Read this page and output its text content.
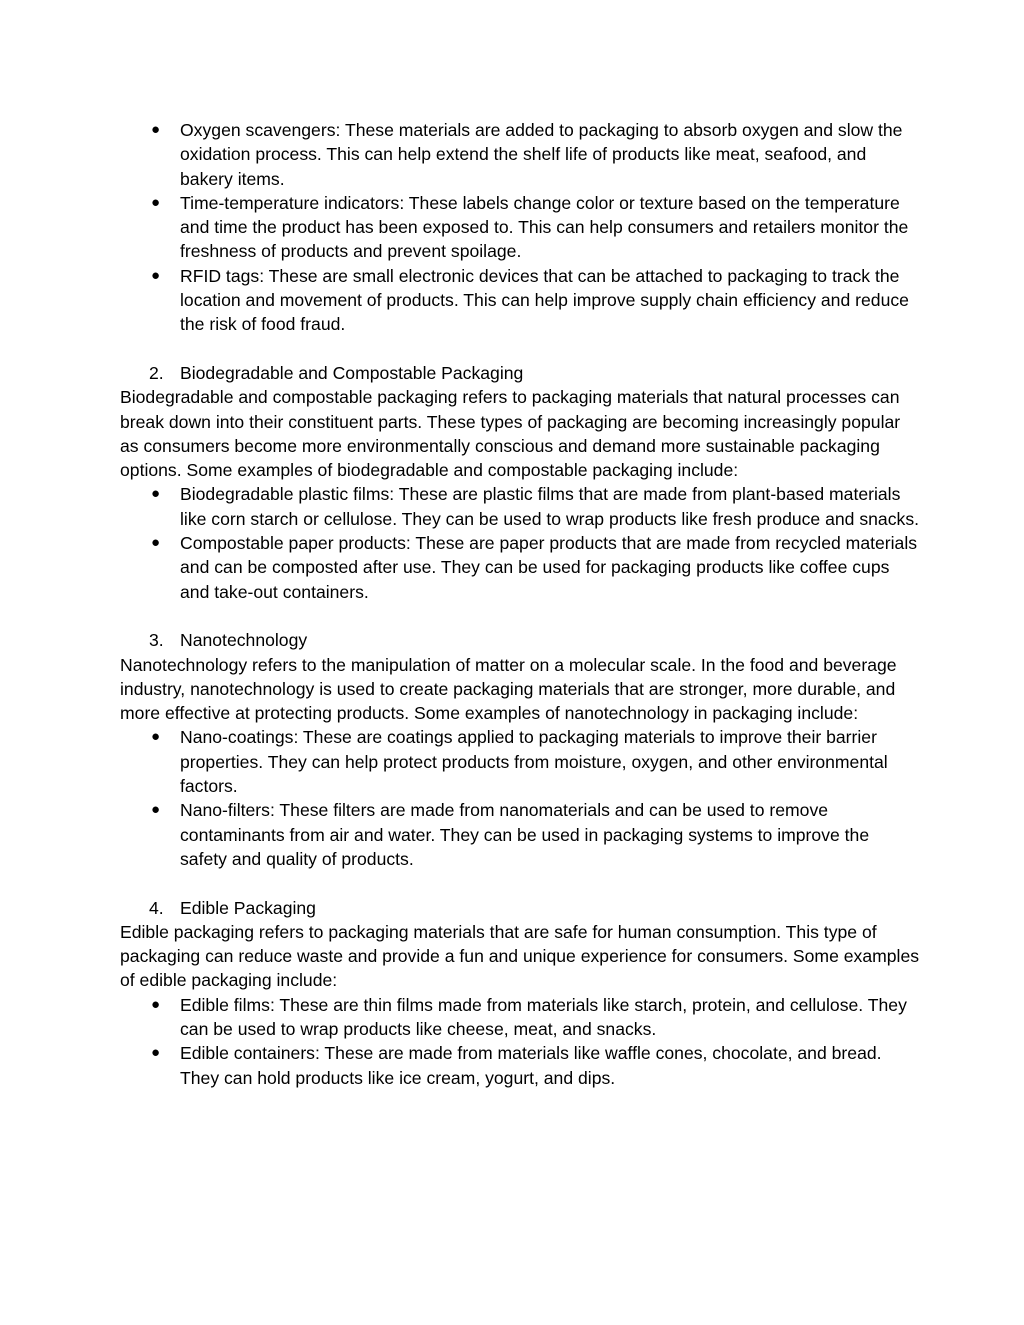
● Oxygen scavengers: These materials are added to packaging to absorb oxygen and slow the oxidation process. This can help extend the shelf life of products like meat, seafood, and bakery items.
● Time-temperature indicators: These labels change color or texture based on the temperature and time the product has been exposed to. This can help consumers and retailers monitor the freshness of products and prevent spoilage.
● RFID tags: These are small electronic devices that can be attached to packaging to track the location and movement of products. This can help improve supply chain efficiency and reduce the risk of food fraud.
2. Biodegradable and Compostable Packaging

Biodegradable and compostable packaging refers to packaging materials that natural processes can break down into their constituent parts. These types of packaging are becoming increasingly popular as consumers become more environmentally conscious and demand more sustainable packaging options. Some examples of biodegradable and compostable packaging include:

● Biodegradable plastic films: These are plastic films that are made from plant-based materials like corn starch or cellulose. They can be used to wrap products like fresh produce and snacks.
● Compostable paper products: These are paper products that are made from recycled materials and can be composted after use. They can be used for packaging products like coffee cups and take-out containers.
3. Nanotechnology

Nanotechnology refers to the manipulation of matter on a molecular scale. In the food and beverage industry, nanotechnology is used to create packaging materials that are stronger, more durable, and more effective at protecting products. Some examples of nanotechnology in packaging include:

● Nano-coatings: These are coatings applied to packaging materials to improve their barrier properties. They can help protect products from moisture, oxygen, and other environmental factors.
● Nano-filters: These filters are made from nanomaterials and can be used to remove contaminants from air and water. They can be used in packaging systems to improve the safety and quality of products.
4. Edible Packaging

Edible packaging refers to packaging materials that are safe for human consumption. This type of packaging can reduce waste and provide a fun and unique experience for consumers. Some examples of edible packaging include:

● Edible films: These are thin films made from materials like starch, protein, and cellulose. They can be used to wrap products like cheese, meat, and snacks.
● Edible containers: These are made from materials like waffle cones, chocolate, and bread. They can hold products like ice cream, yogurt, and dips.
